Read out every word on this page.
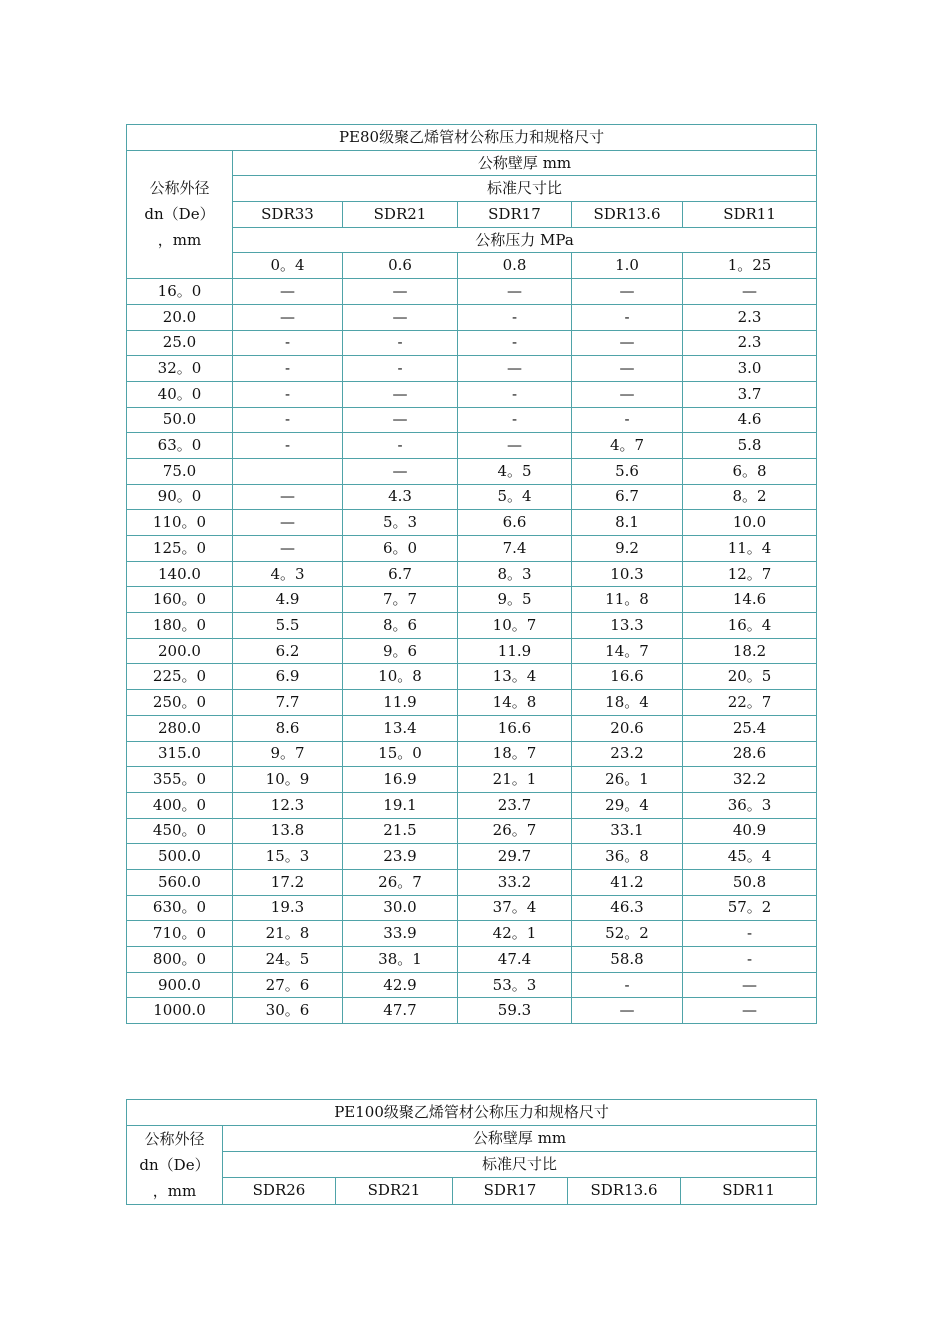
PE80级聚乙烯管材公称压力和规格尺寸					

公称外径
dn（De）
，mm	公称壁厚 mm				
	标准尺寸比				
	SDR33	SDR21	SDR17	SDR13.6	SDR11
	公称压力 MPa				
	0。4	0.6	0.8	1.0	1。25
16。0	—	—	—	—	—
20.0	—	—	-	-	2.3
25.0	-	-	-	—	2.3
32。0	-	-	—	—	3.0
40。0	-	—	-	—	3.7
50.0	-	—	-	-	4.6
63。0	-	-	—	4。7	5.8
75.0		—	4。5	5.6	6。8
90。0	—	4.3	5。4	6.7	8。2
110。0	—	5。3	6.6	8.1	10.0
125。0	—	6。0	7.4	9.2	11。4
140.0	4。3	6.7	8。3	10.3	12。7
160。0	4.9	7。7	9。5	11。8	14.6
180。0	5.5	8。6	10。7	13.3	16。4
200.0	6.2	9。6	11.9	14。7	18.2
225。0	6.9	10。8	13。4	16.6	20。5
250。0	7.7	11.9	14。8	18。4	22。7
280.0	8.6	13.4	16.6	20.6	25.4
315.0	9。7	15。0	18。7	23.2	28.6
355。0	10。9	16.9	21。1	26。1	32.2
400。0	12.3	19.1	23.7	29。4	36。3
450。0	13.8	21.5	26。7	33.1	40.9
500.0	15。3	23.9	29.7	36。8	45。4
560.0	17.2	26。7	33.2	41.2	50.8
630。0	19.3	30.0	37。4	46.3	57。2
710。0	21。8	33.9	42。1	52。2	-
800。0	24。5	38。1	47.4	58.8	-
900.0	27。6	42.9	53。3	-	—
1000.0	30。6	47.7	59.3	—	—
PE100级聚乙烯管材公称压力和规格尺寸					

公称外径
dn（De）
，mm	公称壁厚 mm				
	标准尺寸比				
	SDR26	SDR21	SDR17	SDR13.6	SDR11
